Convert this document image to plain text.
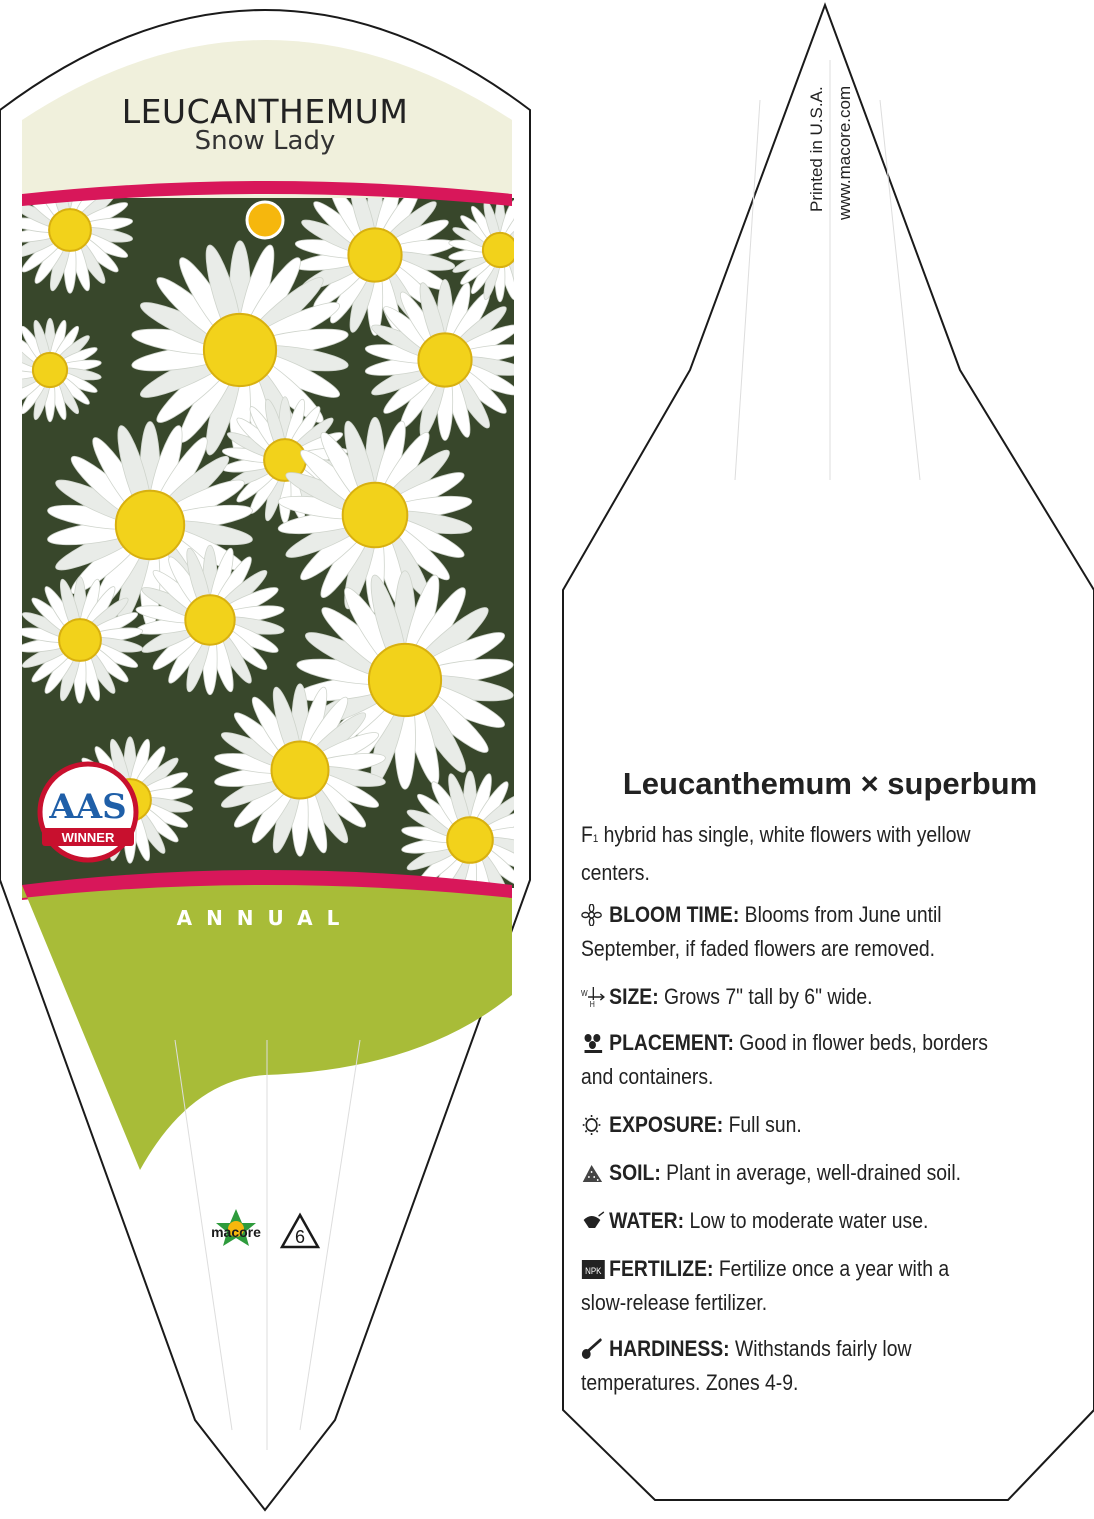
LEUCANTHEMUM
Snow Lady
ANNUAL
AAS
WINNER
macore 6
Printed in U.S.A. www.macore.com
Leucanthemum × superbum
F1 hybrid has single, white flowers with yellow centers.
BLOOM TIME: Blooms from June until September, if faded flowers are removed.
W
H SIZE: Grows 7" tall by 6" wide.
PLACEMENT: Good in flower beds, borders and containers.
EXPOSURE: Full sun.
SOIL: Plant in average, well-drained soil.
WATER: Low to moderate water use.
NPK FERTILIZE: Fertilize once a year with a slow-release fertilizer.
HARDINESS: Withstands fairly low temperatures. Zones 4-9.
